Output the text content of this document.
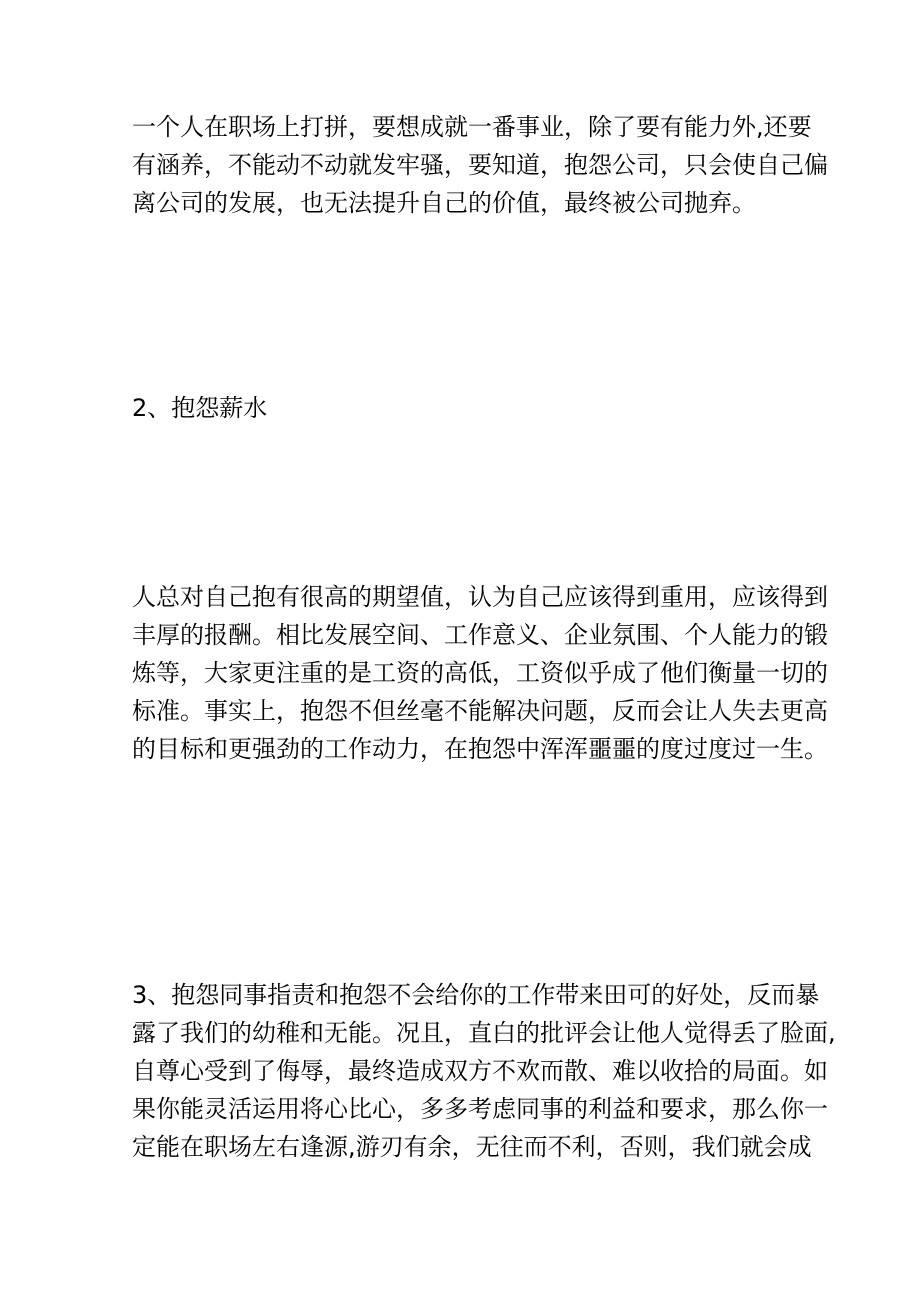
一个人在职场上打拼，要想成就一番事业，除了要有能力外,还要
有涵养，不能动不动就发牢骚，要知道，抱怨公司，只会使自己偏
离公司的发展，也无法提升自己的价值，最终被公司抛弃。

2、抱怨薪水

人总对自己抱有很高的期望值，认为自己应该得到重用，应该得到
丰厚的报酬。相比发展空间、工作意义、企业氛围、个人能力的锻
炼等，大家更注重的是工资的高低，工资似乎成了他们衡量一切的
标准。事实上，抱怨不但丝毫不能解决问题，反而会让人失去更高
的目标和更强劲的工作动力，在抱怨中浑浑噩噩的度过度过一生。

3、抱怨同事指责和抱怨不会给你的工作带来田可的好处，反而暴
露了我们的幼稚和无能。况且，直白的批评会让他人觉得丢了脸面,
自尊心受到了侮辱，最终造成双方不欢而散、难以收拾的局面。如
果你能灵活运用将心比心，多多考虑同事的利益和要求，那么你一
定能在职场左右逢源,游刃有余，无往而不利，否则，我们就会成
